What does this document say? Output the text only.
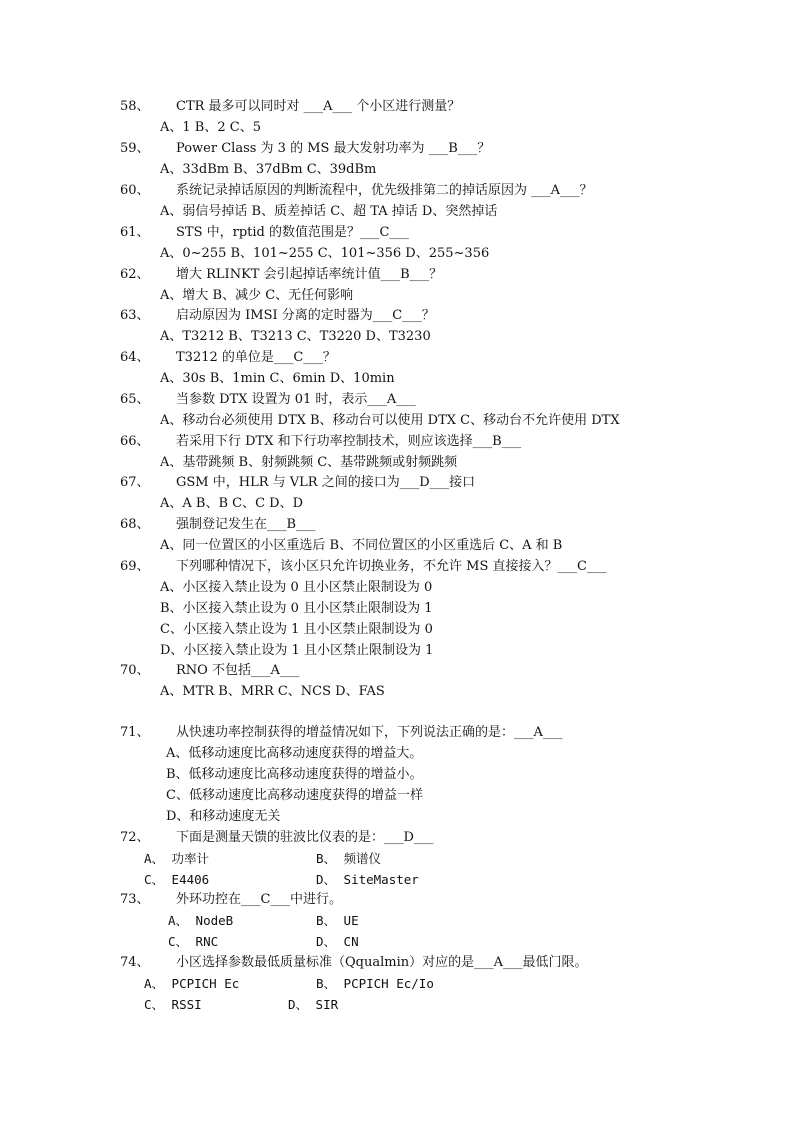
58、 CTR 最多可以同时对 ___A___ 个小区进行测量？
A、1 B、2 C、5
59、 Power Class 为 3 的 MS 最大发射功率为 ___B___？
A、33dBm B、37dBm C、39dBm
60、 系统记录掉话原因的判断流程中，优先级排第二的掉话原因为 ___A___？
A、弱信号掉话 B、质差掉话 C、超 TA 掉话 D、突然掉话
61、 STS 中，rptid 的数值范围是？___C___
A、0~255 B、101~255 C、101~356 D、255~356
62、 增大 RLINKT 会引起掉话率统计值___B___？
A、增大 B、减少 C、无任何影响
63、 启动原因为 IMSI 分离的定时器为___C___？
A、T3212 B、T3213 C、T3220 D、T3230
64、 T3212 的单位是___C___？
A、30s B、1min C、6min D、10min
65、 当参数 DTX 设置为 01 时，表示___A___
A、移动台必须使用 DTX B、移动台可以使用 DTX C、移动台不允许使用 DTX
66、 若采用下行 DTX 和下行功率控制技术，则应该选择___B___
A、基带跳频 B、射频跳频 C、基带跳频或射频跳频
67、 GSM 中，HLR 与 VLR 之间的接口为___D___接口
A、A B、B C、C D、D
68、 强制登记发生在___B___
A、同一位置区的小区重选后 B、不同位置区的小区重选后 C、A 和 B
69、 下列哪种情况下，该小区只允许切换业务，不允许 MS 直接接入？___C___
A、小区接入禁止设为 0 且小区禁止限制设为 0
B、小区接入禁止设为 0 且小区禁止限制设为 1
C、小区接入禁止设为 1 且小区禁止限制设为 0
D、小区接入禁止设为 1 且小区禁止限制设为 1
70、 RNO 不包括___A___
A、MTR B、MRR C、NCS D、FAS
71、 从快速功率控制获得的增益情况如下，下列说法正确的是：___A___
A、低移动速度比高移动速度获得的增益大。
B、低移动速度比高移动速度获得的增益小。
C、低移动速度比高移动速度获得的增益一样
D、和移动速度无关
72、 下面是测量天馈的驻波比仪表的是：___D___
A、 功率计	B、 频谱仪
C、 E4406	D、 SiteMaster
73、 外环功控在___C___中进行。
A、 NodeB	B、 UE
C、 RNC	D、 CN
74、 小区选择参数最低质量标准（Qqualmin）对应的是___A___最低门限。
A、 PCPICH Ec	B、 PCPICH Ec/Io
C、 RSSI	D、 SIR
